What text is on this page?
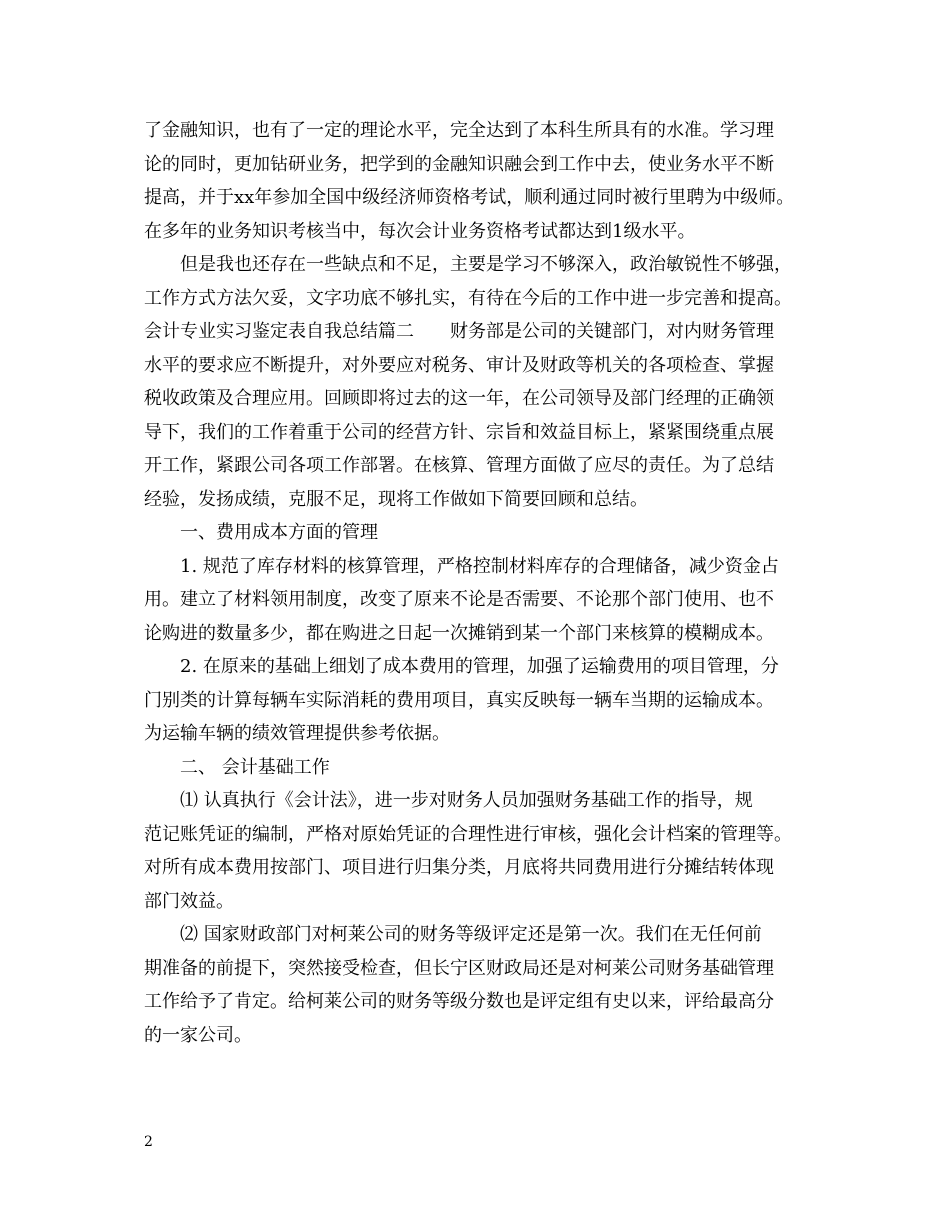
了金融知识，也有了一定的理论水平，完全达到了本科生所具有的水准。学习理
论的同时，更加钻研业务，把学到的金融知识融会到工作中去，使业务水平不断
提高，并于xx年参加全国中级经济师资格考试，顺利通过同时被行里聘为中级师。
在多年的业务知识考核当中，每次会计业务资格考试都达到1级水平。
但是我也还存在一些缺点和不足，主要是学习不够深入，政治敏锐性不够强，
工作方式方法欠妥，文字功底不够扎实，有待在今后的工作中进一步完善和提高。
会计专业实习鉴定表自我总结篇二 财务部是公司的关键部门，对内财务管理
水平的要求应不断提升，对外要应对税务、审计及财政等机关的各项检查、掌握
税收政策及合理应用。回顾即将过去的这一年，在公司领导及部门经理的正确领
导下，我们的工作着重于公司的经营方针、宗旨和效益目标上，紧紧围绕重点展
开工作，紧跟公司各项工作部署。在核算、管理方面做了应尽的责任。为了总结
经验，发扬成绩，克服不足，现将工作做如下简要回顾和总结。
一、费用成本方面的管理
1. 规范了库存材料的核算管理，严格控制材料库存的合理储备，减少资金占
用。建立了材料领用制度，改变了原来不论是否需要、不论那个部门使用、也不
论购进的数量多少，都在购进之日起一次摊销到某一个部门来核算的模糊成本。
2. 在原来的基础上细划了成本费用的管理，加强了运输费用的项目管理，分
门别类的计算每辆车实际消耗的费用项目，真实反映每一辆车当期的运输成本。
为运输车辆的绩效管理提供参考依据。
二、 会计基础工作
⑴ 认真执行《会计法》，进一步对财务人员加强财务基础工作的指导，规
范记账凭证的编制，严格对原始凭证的合理性进行审核，强化会计档案的管理等。
对所有成本费用按部门、项目进行归集分类，月底将共同费用进行分摊结转体现
部门效益。
⑵ 国家财政部门对柯莱公司的财务等级评定还是第一次。我们在无任何前
期准备的前提下，突然接受检查，但长宁区财政局还是对柯莱公司财务基础管理
工作给予了肯定。给柯莱公司的财务等级分数也是评定组有史以来，评给最高分
的一家公司。
2
